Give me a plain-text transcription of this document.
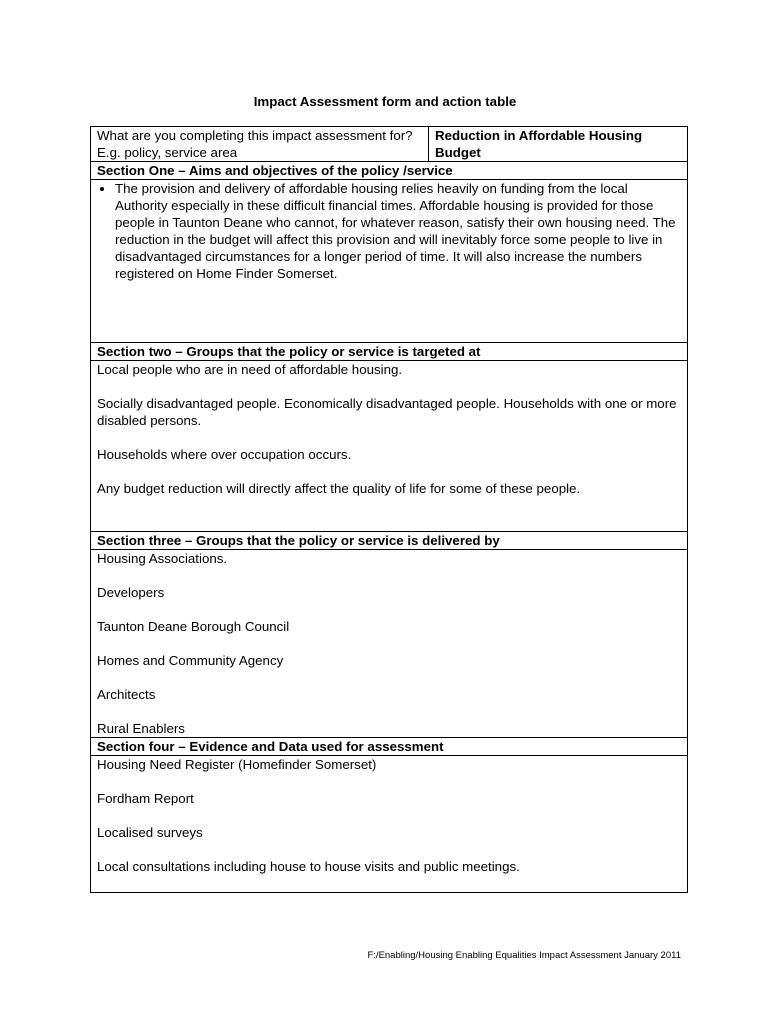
Impact Assessment form and action table
What are you completing this impact assessment for? E.g. policy, service area	Reduction in Affordable Housing Budget
Section One – Aims and objectives of the policy /service

• The provision and delivery of affordable housing relies heavily on funding from the local Authority especially in these difficult financial times. Affordable housing is provided for those people in Taunton Deane who cannot, for whatever reason, satisfy their own housing need. The reduction in the budget will affect this provision and will inevitably force some people to live in disadvantaged circumstances for a longer period of time. It will also increase the numbers registered on Home Finder Somerset.

Section two – Groups that the policy or service is targeted at

Local people who are in need of affordable housing.

Socially disadvantaged people. Economically disadvantaged people. Households with one or more disabled persons.

Households where over occupation occurs.

Any budget reduction will directly affect the quality of life for some of these people.

Section three – Groups that the policy or service is delivered by

Housing Associations.

Developers

Taunton Deane Borough Council

Homes and Community Agency

Architects

Rural Enablers

Section four – Evidence and Data used for assessment

Housing Need Register (Homefinder Somerset)

Fordham Report

Localised surveys

Local consultations including house to house visits and public meetings.

F:/Enabling/Housing Enabling Equalities Impact Assessment January 2011
